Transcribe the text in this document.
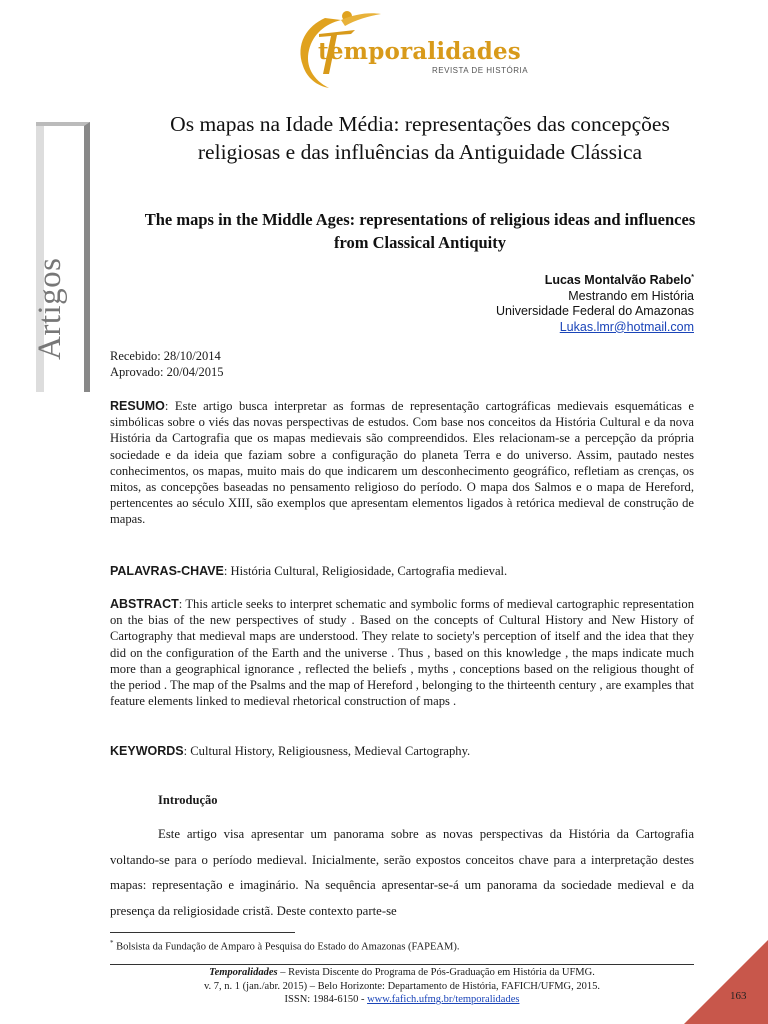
temporalidades
REVISTA DE HISTÓRIA
Artigos
Os mapas na Idade Média: representações das concepções religiosas e das influências da Antiguidade Clássica
The maps in the Middle Ages: representations of religious ideas and influences from Classical Antiquity
Lucas Montalvão Rabelo*
Mestrando em História
Universidade Federal do Amazonas
Lukas.lmr@hotmail.com
Recebido: 28/10/2014
Aprovado: 20/04/2015
RESUMO: Este artigo busca interpretar as formas de representação cartográficas medievais esquemáticas e simbólicas sobre o viés das novas perspectivas de estudos. Com base nos conceitos da História Cultural e da nova História da Cartografia que os mapas medievais são compreendidos. Eles relacionam-se a percepção da própria sociedade e da ideia que faziam sobre a configuração do planeta Terra e do universo. Assim, pautado nestes conhecimentos, os mapas, muito mais do que indicarem um desconhecimento geográfico, refletiam as crenças, os mitos, as concepções baseadas no pensamento religioso do período. O mapa dos Salmos e o mapa de Hereford, pertencentes ao século XIII, são exemplos que apresentam elementos ligados à retórica medieval de construção de mapas.
PALAVRAS-CHAVE: História Cultural, Religiosidade, Cartografia medieval.
ABSTRACT: This article seeks to interpret schematic and symbolic forms of medieval cartographic representation on the bias of the new perspectives of study . Based on the concepts of Cultural History and New History of Cartography that medieval maps are understood. They relate to society's perception of itself and the idea that they did on the configuration of the Earth and the universe . Thus , based on this knowledge , the maps indicate much more than a geographical ignorance , reflected the beliefs , myths , conceptions based on the religious thought of the period . The map of the Psalms and the map of Hereford , belonging to the thirteenth century , are examples that feature elements linked to medieval rhetorical construction of maps .
KEYWORDS: Cultural History, Religiousness, Medieval Cartography.
Introdução
Este artigo visa apresentar um panorama sobre as novas perspectivas da História da Cartografia voltando-se para o período medieval. Inicialmente, serão expostos conceitos chave para a interpretação destes mapas: representação e imaginário. Na sequência apresentar-se-á um panorama da sociedade medieval e da presença da religiosidade cristã. Deste contexto parte-se
* Bolsista da Fundação de Amparo à Pesquisa do Estado do Amazonas (FAPEAM).
Temporalidades – Revista Discente do Programa de Pós-Graduação em História da UFMG.
v. 7, n. 1 (jan./abr. 2015) – Belo Horizonte: Departamento de História, FAFICH/UFMG, 2015.
ISSN: 1984-6150 - www.fafich.ufmg.br/temporalidades	163
